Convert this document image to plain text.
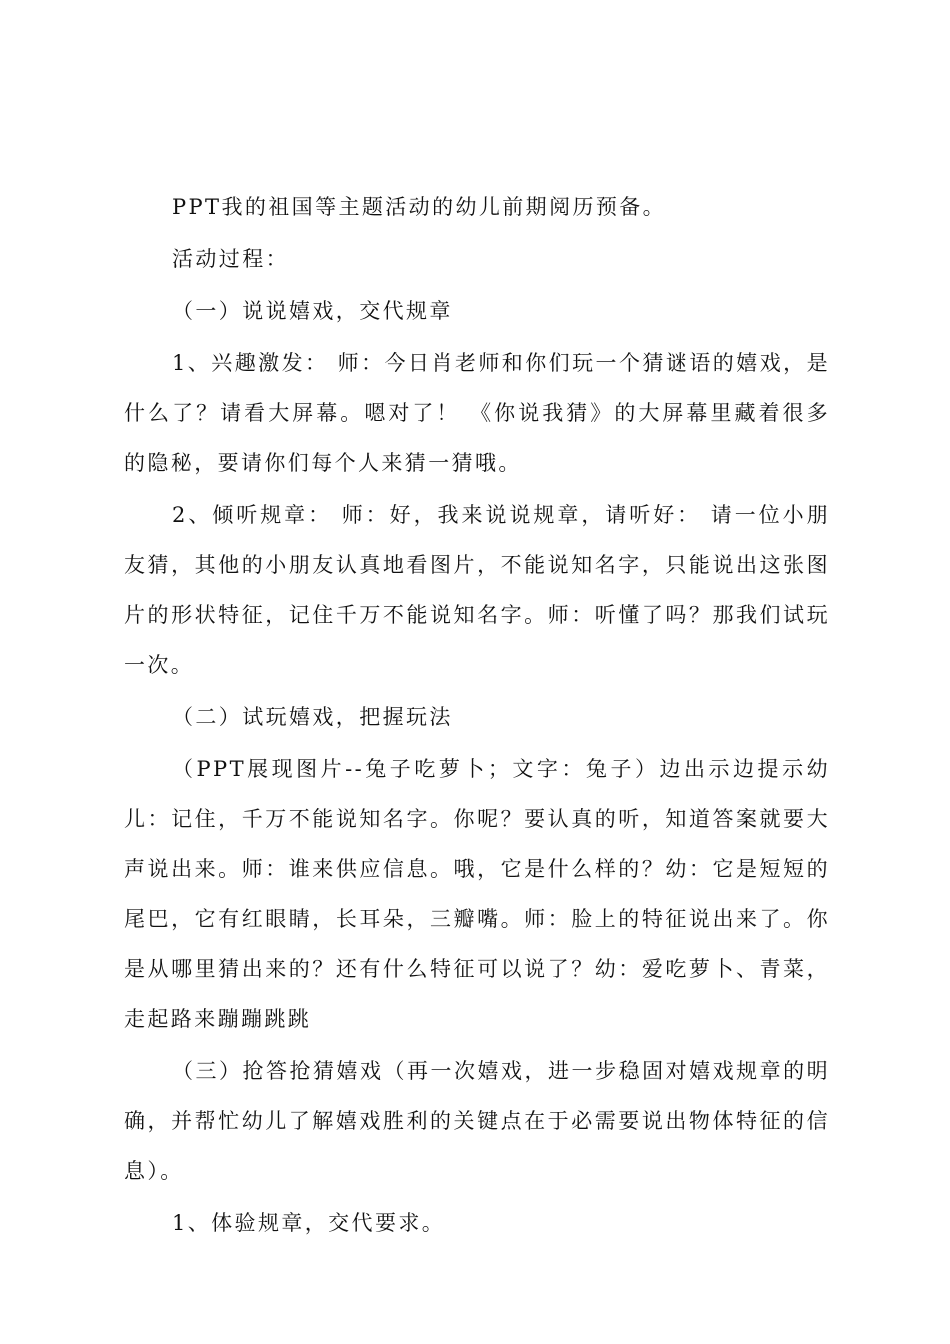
PPT我的祖国等主题活动的幼儿前期阅历预备。

活动过程：

（一）说说嬉戏，交代规章

1、兴趣激发： 师：今日肖老师和你们玩一个猜谜语的嬉戏，是什么了？请看大屏幕。嗯对了！ 《你说我猜》的大屏幕里藏着很多的隐秘，要请你们每个人来猜一猜哦。

2、倾听规章： 师：好，我来说说规章，请听好： 请一位小朋友猜，其他的小朋友认真地看图片，不能说知名字，只能说出这张图片的形状特征，记住千万不能说知名字。师：听懂了吗？那我们试玩一次。

（二）试玩嬉戏，把握玩法

（PPT展现图片--兔子吃萝卜；文字：兔子）边出示边提示幼儿：记住，千万不能说知名字。你呢？要认真的听，知道答案就要大声说出来。师：谁来供应信息。哦，它是什么样的？幼：它是短短的尾巴，它有红眼睛，长耳朵，三瓣嘴。师：脸上的特征说出来了。你是从哪里猜出来的？还有什么特征可以说了？幼：爱吃萝卜、青菜，走起路来蹦蹦跳跳

（三）抢答抢猜嬉戏（再一次嬉戏，进一步稳固对嬉戏规章的明确，并帮忙幼儿了解嬉戏胜利的关键点在于必需要说出物体特征的信息）。

1、体验规章，交代要求。
